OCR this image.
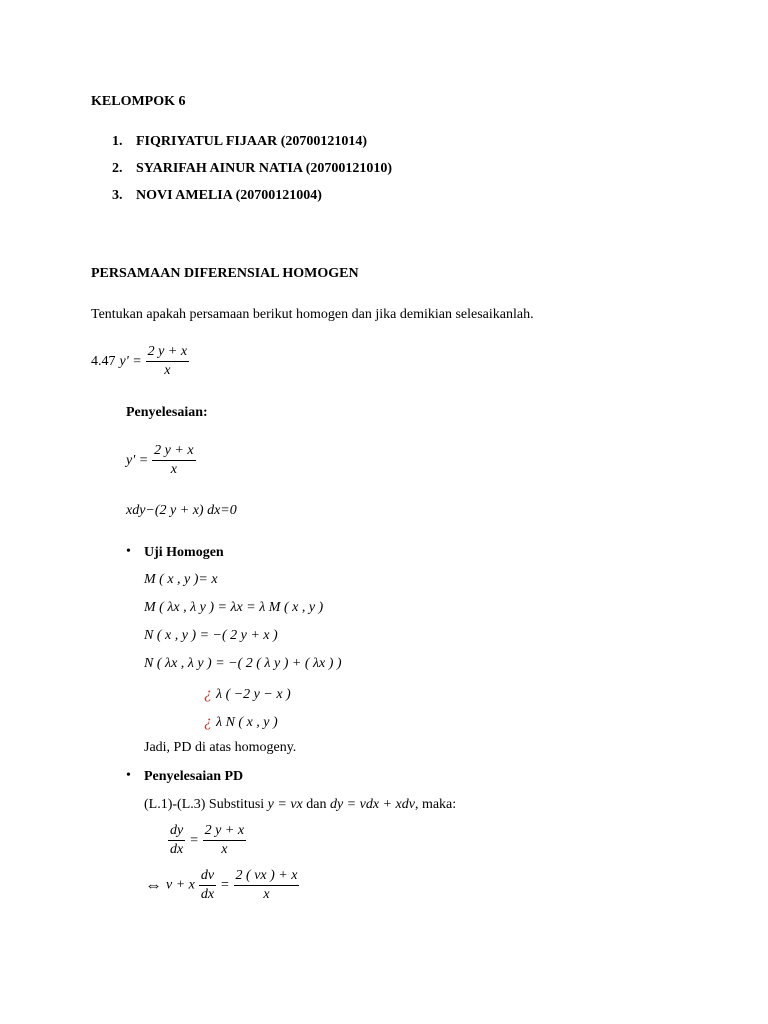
KELOMPOK 6
1. FIQRIYATUL FIJAAR (20700121014)
2. SYARIFAH AINUR NATIA (20700121010)
3. NOVI AMELIA (20700121004)
PERSAMAAN DIFERENSIAL HOMOGEN
Tentukan apakah persamaan berikut homogen dan jika demikian selesaikanlah.
4.47 $y' = \frac{2 y + x}{x}$
Penyelesaian:
$y' = \frac{2 y + x}{x}$
xdy−(2 y + x) dx=0
• Uji Homogen
M ( x , y )= x
M ( λx , λ y ) = λx = λ M ( x , y )
N ( x , y ) = −( 2 y + x )
N ( λx , λ y ) = −( 2 ( λ y ) + ( λx ) )
¿ λ ( −2 y − x )
¿ λ N ( x , y )
Jadi, PD di atas homogeny.
• Penyelesaian PD
(L.1)-(L.3) Substitusi y = vx dan dy = vdx + xdv, maka:
$\frac{dy}{dx} = \frac{2 y + x}{x}$
⇔ v + x $\frac{dv}{dx} = \frac{2 ( vx ) + x}{x}$
